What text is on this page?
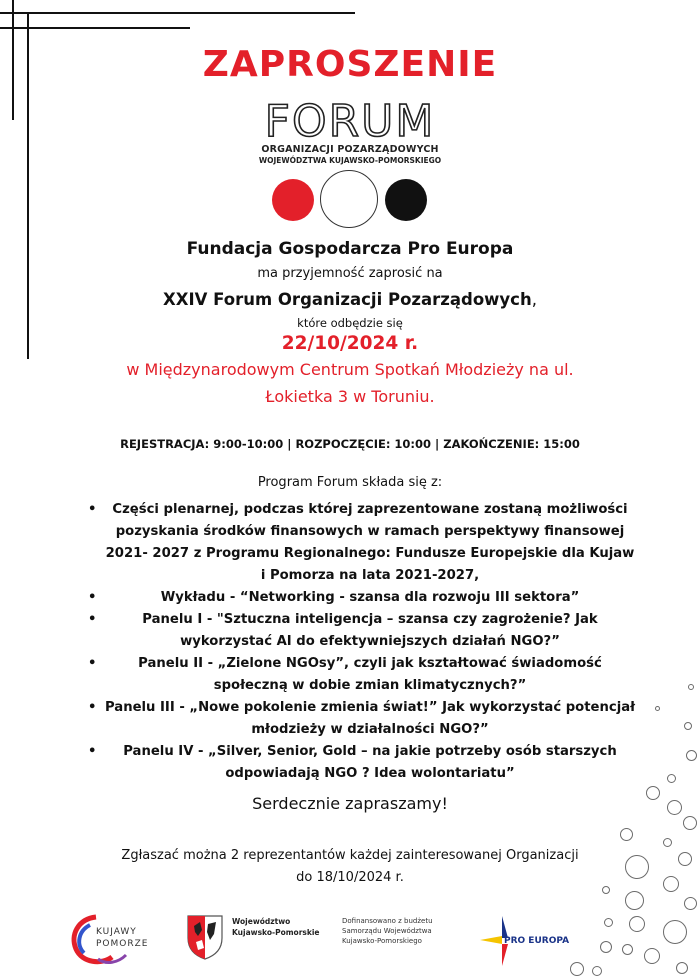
ZAPROSZENIE
FORUM
ORGANIZACJI POZARZĄDOWYCH
WOJEWÓDZTWA KUJAWSKO-POMORSKIEGO
Fundacja Gospodarcza Pro Europa
ma przyjemność zaprosić na
XXIV Forum Organizacji Pozarządowych,
które odbędzie się
22/10/2024 r.
w Międzynarodowym Centrum Spotkań Młodzieży na ul.
Łokietka 3 w Toruniu.
REJESTRACJA: 9:00-10:00 | ROZPOCZĘCIE: 10:00 | ZAKOŃCZENIE: 15:00
Program Forum składa się z:
• Części plenarnej, podczas której zaprezentowane zostaną możliwości pozyskania środków finansowych w ramach perspektywy finansowej 2021- 2027 z Programu Regionalnego: Fundusze Europejskie dla Kujaw i Pomorza na lata 2021-2027,
•	Wykładu - “Networking - szansa dla rozwoju III sektora”
•	Panelu I - "Sztuczna inteligencja – szansa czy zagrożenie? Jak wykorzystać AI do efektywniejszych działań NGO?”
•	Panelu II - „Zielone NGOsy”, czyli jak kształtować świadomość społeczną w dobie zmian klimatycznych?”
• Panelu III - „Nowe pokolenie zmienia świat!” Jak wykorzystać potencjał młodzieży w działalności NGO?”
• Panelu IV - „Silver, Senior, Gold – na jakie potrzeby osób starszych odpowiadają NGO ? Idea wolontariatu”
Serdecznie zapraszamy!
Zgłaszać można 2 reprezentantów każdej zainteresowanej Organizacji
do 18/10/2024 r.
KUJAWY
POMORZE
Województwo
Kujawsko-Pomorskie
Dofinansowano z budżetu
Samorządu Województwa
Kujawsko-Pomorskiego	PRO EUROPA
